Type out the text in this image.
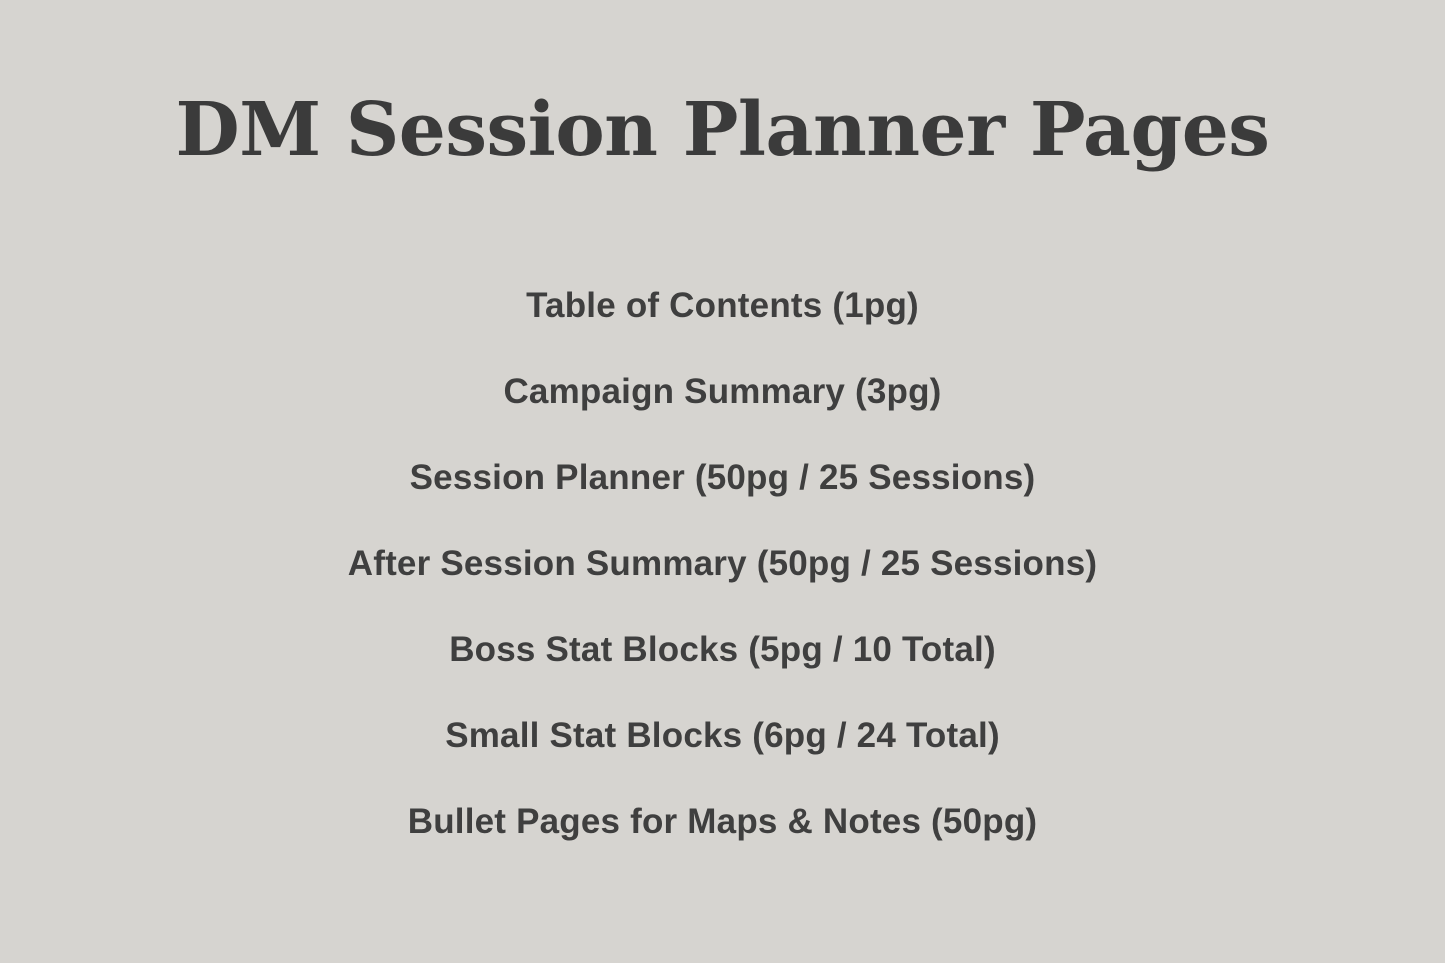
DM Session Planner Pages
Table of Contents (1pg)
Campaign Summary (3pg)
Session Planner (50pg / 25 Sessions)
After Session Summary (50pg / 25 Sessions)
Boss Stat Blocks (5pg / 10 Total)
Small Stat Blocks (6pg / 24 Total)
Bullet Pages for Maps & Notes (50pg)
